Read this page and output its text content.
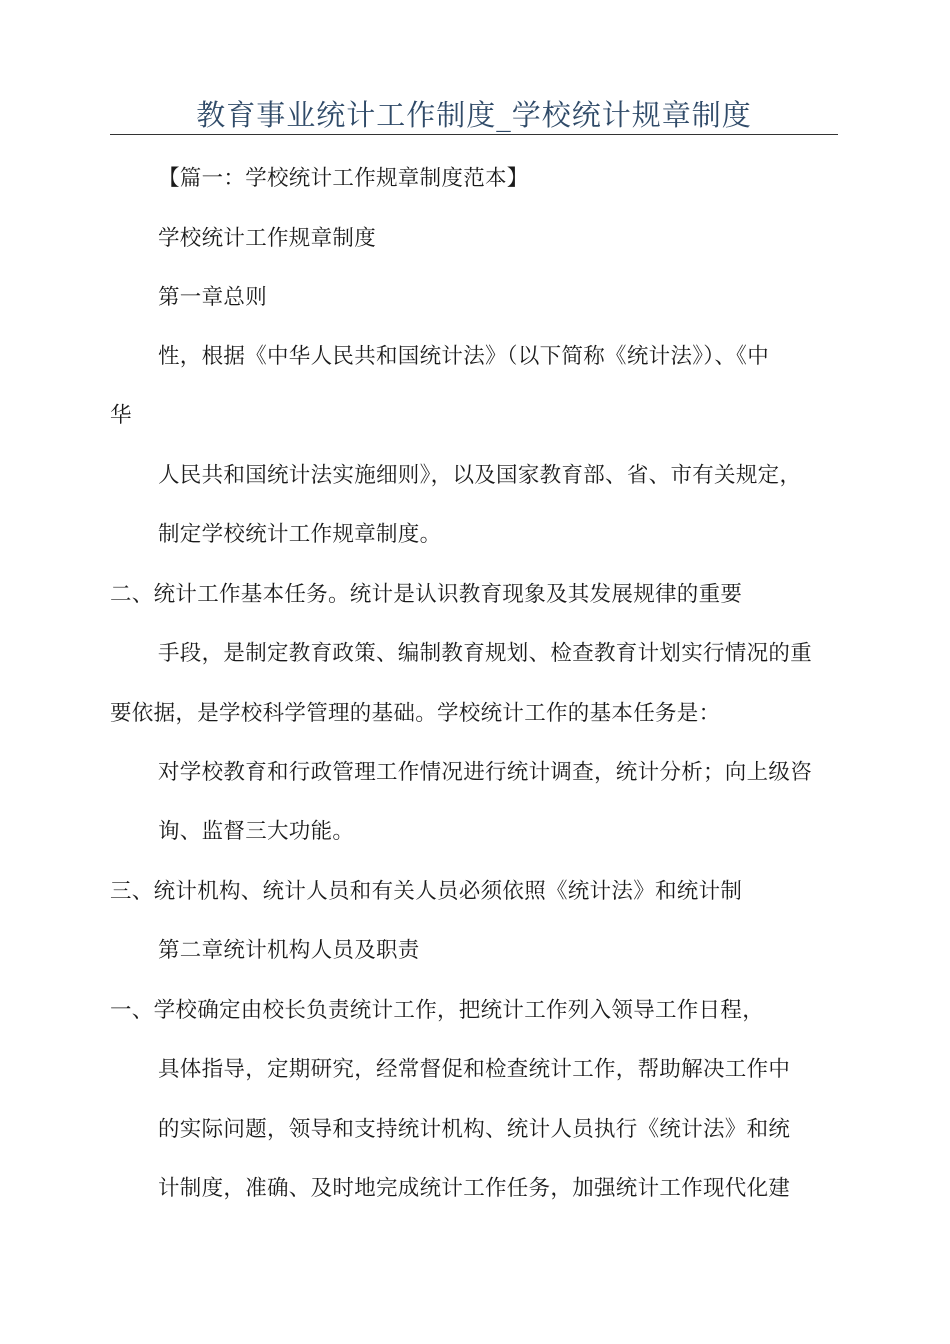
教育事业统计工作制度_学校统计规章制度
【篇一：学校统计工作规章制度范本】
学校统计工作规章制度
第一章总则
性，根据《中华人民共和国统计法》（以下简称《统计法》）、《中
华
人民共和国统计法实施细则》，以及国家教育部、省、市有关规定，
制定学校统计工作规章制度。
二、统计工作基本任务。统计是认识教育现象及其发展规律的重要
手段，是制定教育政策、编制教育规划、检查教育计划实行情况的重
要依据，是学校科学管理的基础。学校统计工作的基本任务是：
对学校教育和行政管理工作情况进行统计调查，统计分析；向上级咨
询、监督三大功能。
三、统计机构、统计人员和有关人员必须依照《统计法》和统计制
第二章统计机构人员及职责
一、学校确定由校长负责统计工作，把统计工作列入领导工作日程，
具体指导，定期研究，经常督促和检查统计工作，帮助解决工作中
的实际问题，领导和支持统计机构、统计人员执行《统计法》和统
计制度，准确、及时地完成统计工作任务，加强统计工作现代化建
